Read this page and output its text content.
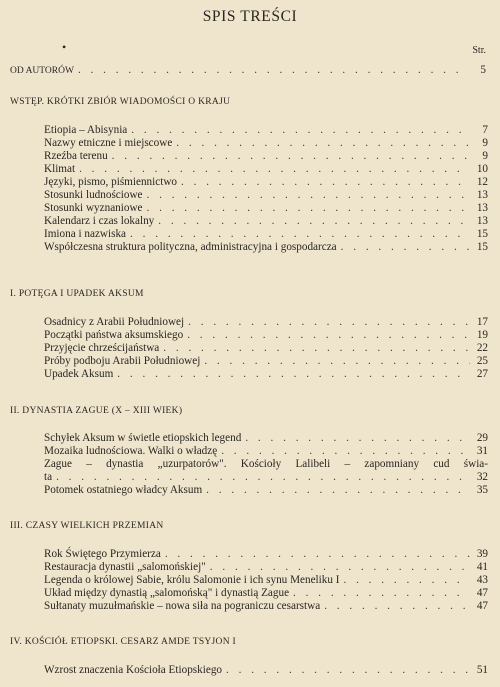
SPIS TREŚCI
•	Str.
OD AUTORÓW . . .	5
WSTĘP. KRÓTKI ZBIÓR WIADOMOŚCI O KRAJU
Etiopia – Abisynia . . .	7
Nazwy etniczne i miejscowe . . .	9
Rzeźba terenu . . .	9
Klimat . . .	10
Języki, pismo, piśmiennictwo . . .	12
Stosunki ludnościowe . . .	13
Stosunki wyznaniowe . . .	13
Kalendarz i czas lokalny . . .	13
Imiona i nazwiska . . .	15
Współczesna struktura polityczna, administracyjna i gospodarcza . . .	15
I. POTĘGA I UPADEK AKSUM
Osadnicy z Arabii Południowej . . .	17
Początki państwa aksumskiego . . .	19
Przyjęcie chrześcijaństwa . . .	22
Próby podboju Arabii Południowej . . .	25
Upadek Aksum . . .	27
II. DYNASTIA ZAGUE (X – XIII WIEK)
Schyłek Aksum w świetle etiopskich legend . . .	29
Mozaika ludnościowa. Walki o władzę . . .	31
Zague – dynastia „uzurpatorów". Kościoły Lalibeli – zapomniany cud świa-
ta . . .	32
Potomek ostatniego władcy Aksum . . .	35
III. CZASY WIELKICH PRZEMIAN
Rok Świętego Przymierza . . .	39
Restauracja dynastii „salomońskiej" . . .	41
Legenda o królowej Sabie, królu Salomonie i ich synu Meneliku I . . .	43
Układ między dynastią „salomońską" i dynastią Zague . . .	47
Sułtanaty muzułmańskie – nowa siła na pograniczu cesarstwa . . .	47
IV. KOŚCIÓŁ ETIOPSKI. CESARZ AMDE TSYJON I
Wzrost znaczenia Kościoła Etiopskiego . . .	51
